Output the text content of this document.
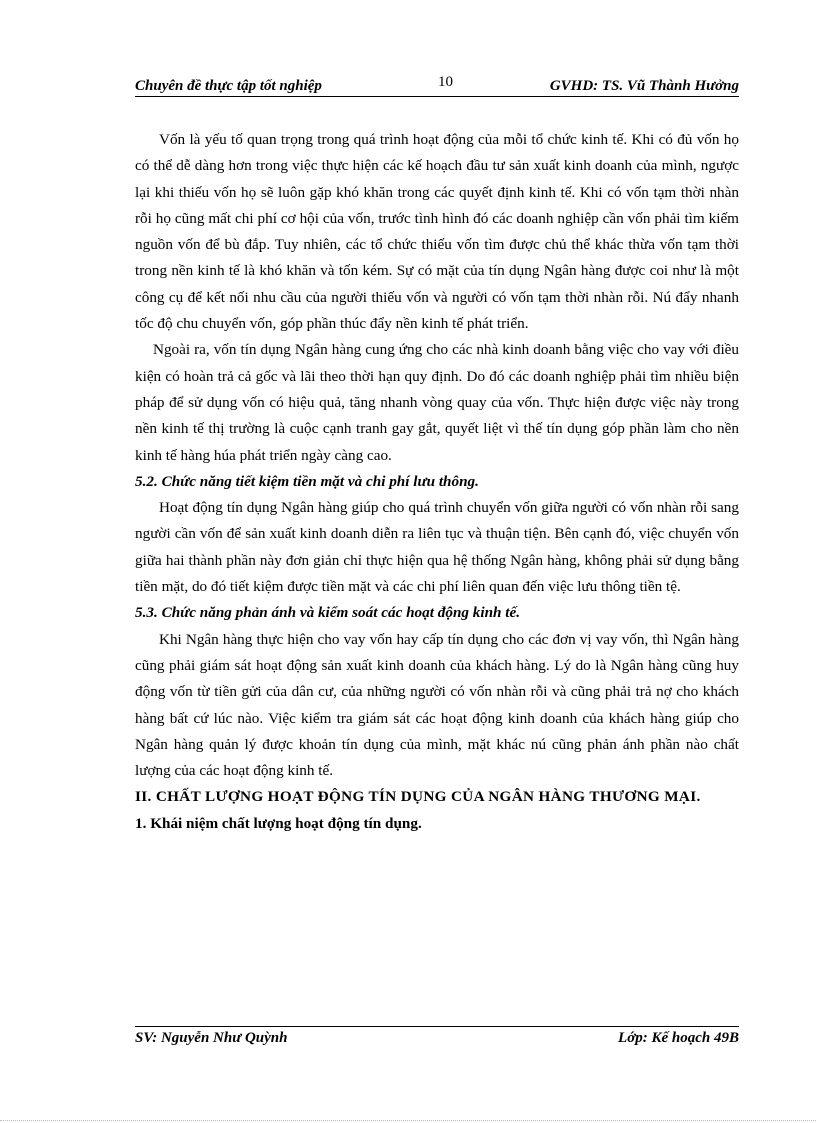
Chuyên đề thực tập tốt nghiệp	10	GVHD: TS. Vũ Thành Hưởng

Vốn là yếu tố quan trọng trong quá trình hoạt động của mỗi tổ chức kinh tế. Khi có đủ vốn họ có thể dễ dàng hơn trong việc thực hiện các kế hoạch đầu tư sản xuất kinh doanh của mình, ngược lại khi thiếu vốn họ sẽ luôn gặp khó khăn trong các quyết định kinh tế. Khi có vốn tạm thời nhàn rỗi họ cũng mất chi phí cơ hội của vốn, trước tình hình đó các doanh nghiệp cần vốn phải tìm kiếm nguồn vốn để bù đắp. Tuy nhiên, các tổ chức thiếu vốn tìm được chủ thể khác thừa vốn tạm thời trong nền kinh tế là khó khăn và tốn kém. Sự có mặt của tín dụng Ngân hàng được coi như là một công cụ để kết nối nhu cầu của người thiếu vốn và người có vốn tạm thời nhàn rỗi. Nú đẩy nhanh tốc độ chu chuyển vốn, góp phần thúc đẩy nền kinh tế phát triển.

Ngoài ra, vốn tín dụng Ngân hàng cung ứng cho các nhà kinh doanh bằng việc cho vay với điều kiện có hoàn trả cả gốc và lãi theo thời hạn quy định. Do đó các doanh nghiệp phải tìm nhiều biện pháp để sử dụng vốn có hiệu quả, tăng nhanh vòng quay của vốn. Thực hiện được việc này trong nền kinh tế thị trường là cuộc cạnh tranh gay gắt, quyết liệt vì thế tín dụng góp phần làm cho nền kinh tế hàng húa phát triển ngày càng cao.

5.2. Chức năng tiết kiệm tiền mặt và chi phí lưu thông.

Hoạt động tín dụng Ngân hàng giúp cho quá trình chuyển vốn giữa người có vốn nhàn rỗi sang người cần vốn để sản xuất kinh doanh diễn ra liên tục và thuận tiện. Bên cạnh đó, việc chuyển vốn giữa hai thành phần này đơn giản chỉ thực hiện qua hệ thống Ngân hàng, không phải sử dụng bằng tiền mặt, do đó tiết kiệm được tiền mặt và các chi phí liên quan đến việc lưu thông tiền tệ.

5.3. Chức năng phản ánh và kiểm soát các hoạt động kinh tế.

Khi Ngân hàng thực hiện cho vay vốn hay cấp tín dụng cho các đơn vị vay vốn, thì Ngân hàng cũng phải giám sát hoạt động sản xuất kinh doanh của khách hàng. Lý do là Ngân hàng cũng huy động vốn từ tiền gửi của dân cư, của những người có vốn nhàn rỗi và cũng phải trả nợ cho khách hàng bất cứ lúc nào. Việc kiểm tra giám sát các hoạt động kinh doanh của khách hàng giúp cho Ngân hàng quản lý được khoản tín dụng của mình, mặt khác nú cũng phản ánh phần nào chất lượng của các hoạt động kinh tế.

II. CHẤT LƯỢNG HOẠT ĐỘNG TÍN DỤNG CỦA NGÂN HÀNG THƯƠNG MẠI.
1. Khái niệm chất lượng hoạt động tín dụng.
SV: Nguyễn Như Quỳnh	Lớp: Kế hoạch 49B
